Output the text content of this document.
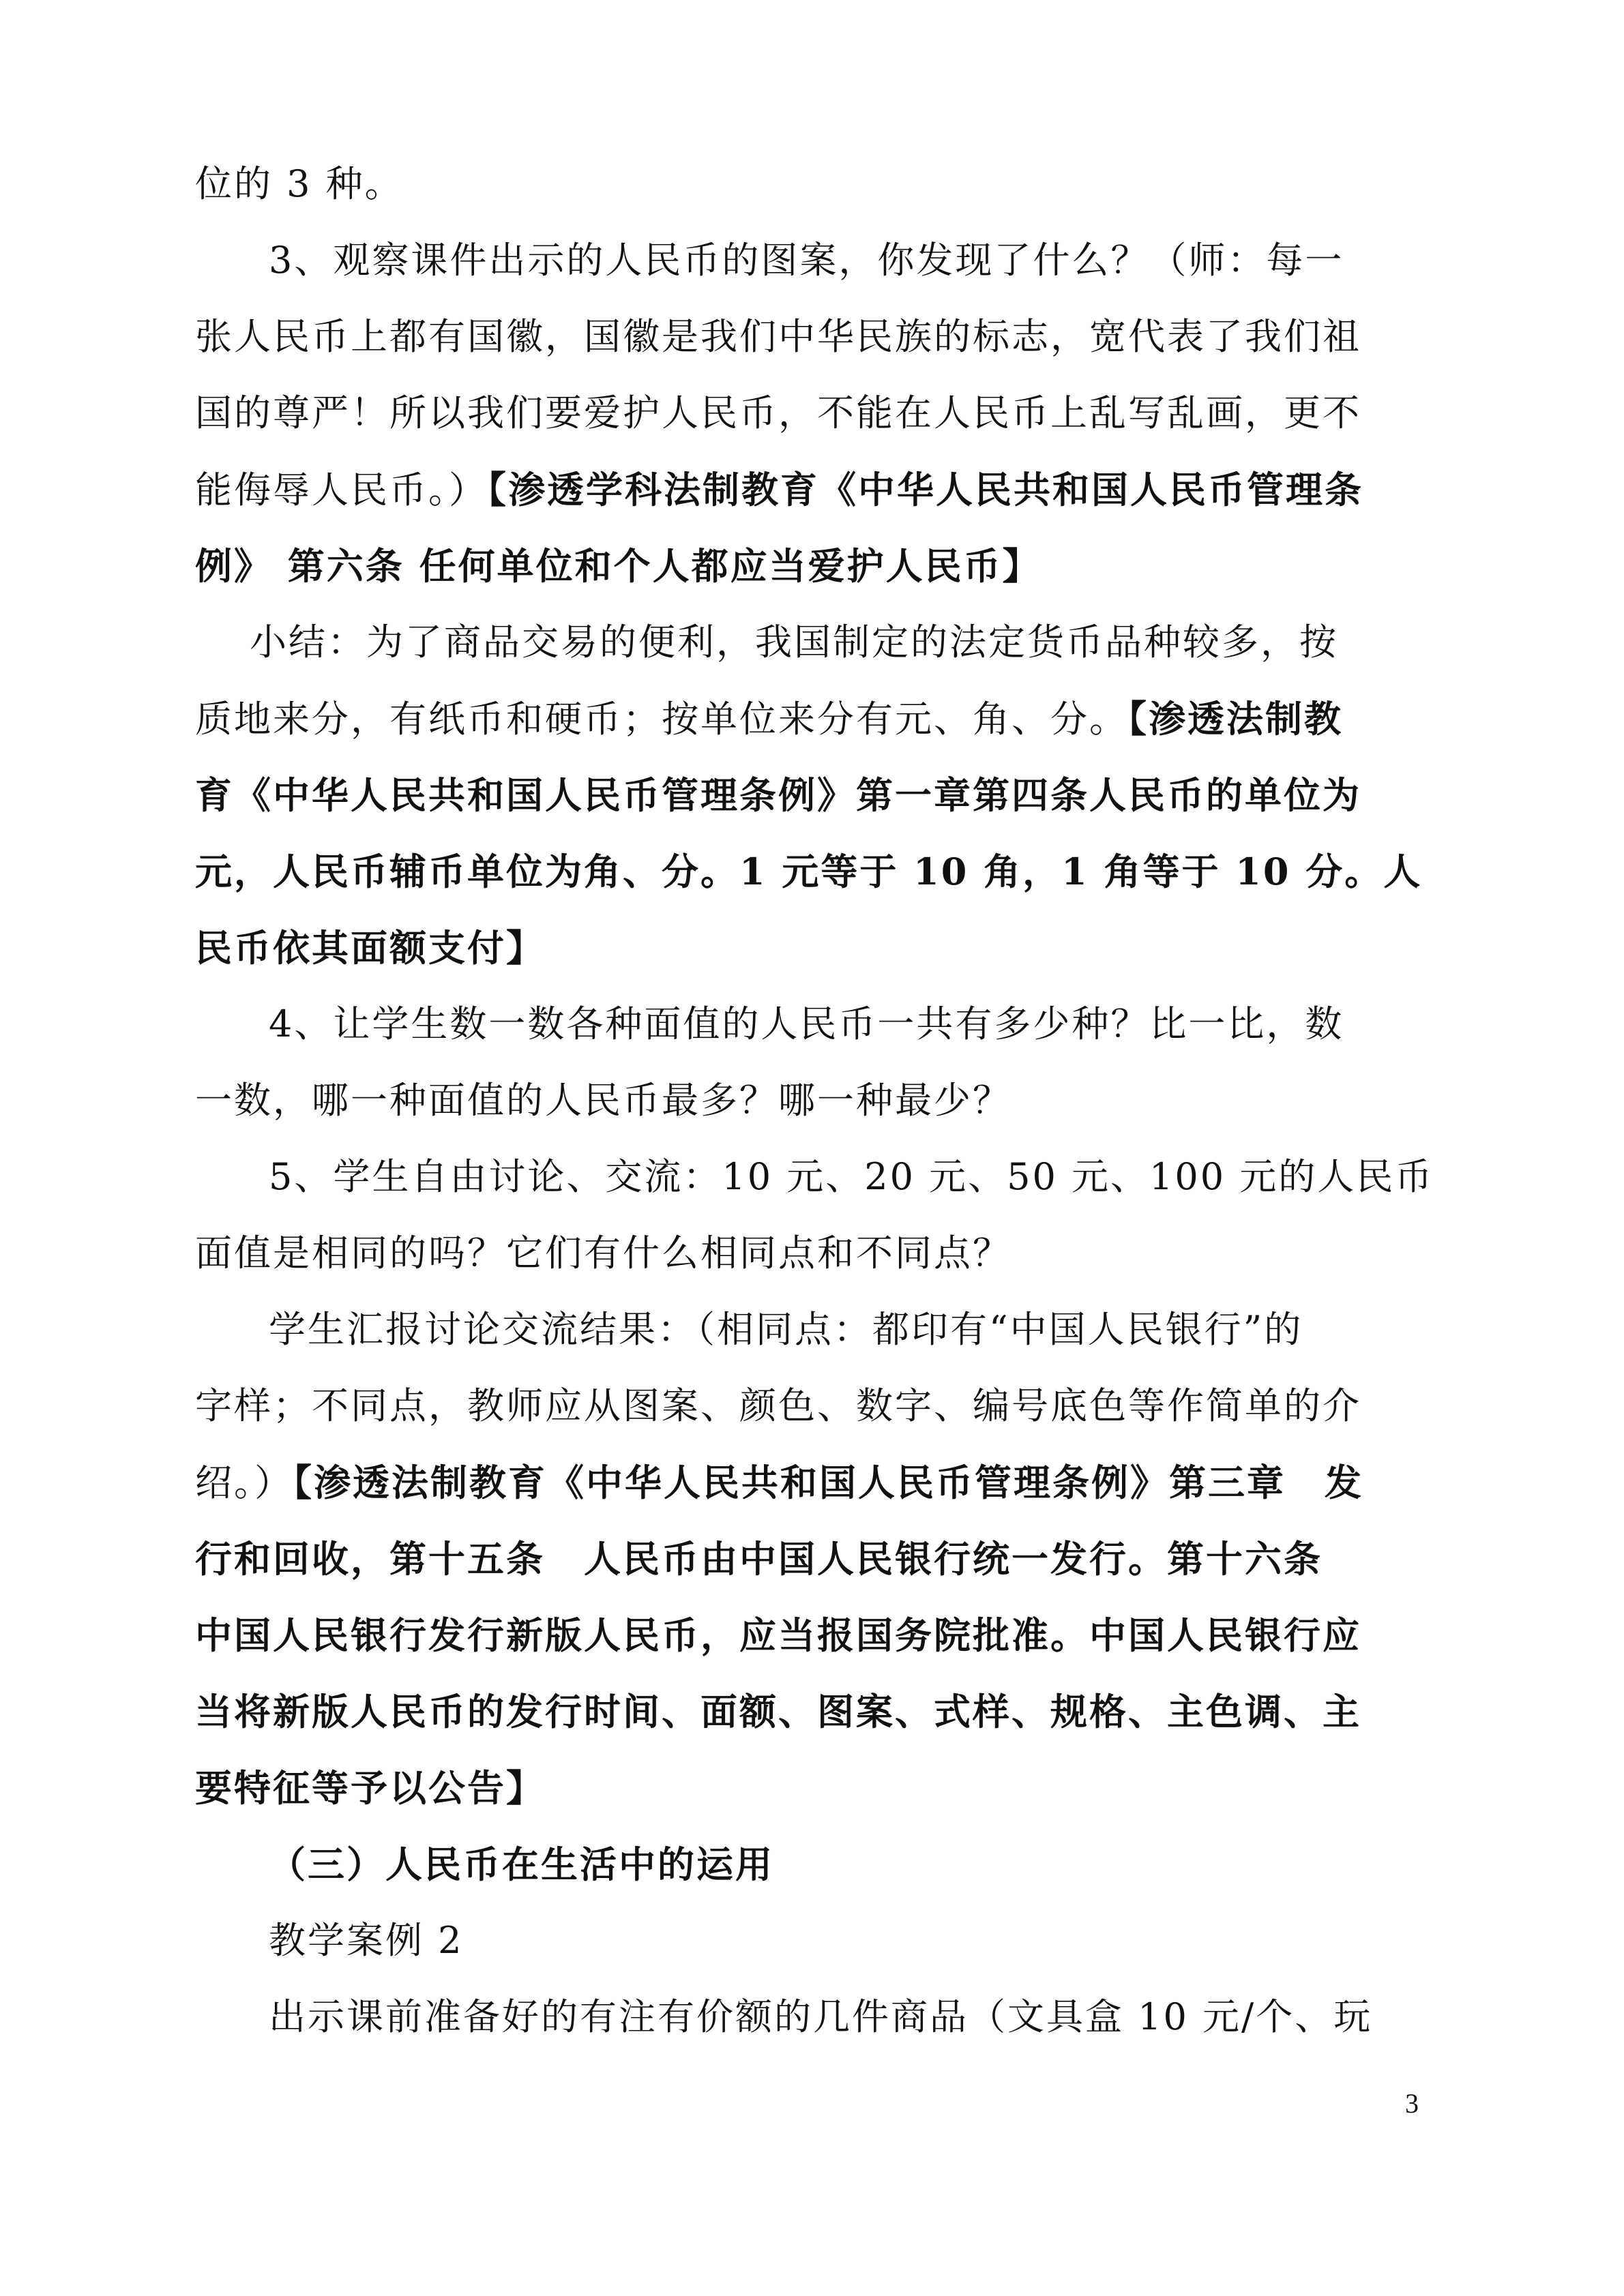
位的 3 种。
3、观察课件出示的人民币的图案，你发现了什么？（师：每一
张人民币上都有国徽，国徽是我们中华民族的标志，宽代表了我们祖
国的尊严！所以我们要爱护人民币，不能在人民币上乱写乱画，更不
能侮辱人民币。）【渗透学科法制教育《中华人民共和国人民币管理条
例》 第六条 任何单位和个人都应当爱护人民币】
小结：为了商品交易的便利，我国制定的法定货币品种较多，按
质地来分，有纸币和硬币；按单位来分有元、角、分。【渗透法制教
育《中华人民共和国人民币管理条例》第一章第四条人民币的单位为
元，人民币辅币单位为角、分。1 元等于 10 角，1 角等于 10 分。人
民币依其面额支付】
4、让学生数一数各种面值的人民币一共有多少种？比一比，数
一数，哪一种面值的人民币最多？哪一种最少？
5、学生自由讨论、交流：10 元、20 元、50 元、100 元的人民币
面值是相同的吗？它们有什么相同点和不同点？
学生汇报讨论交流结果：（相同点：都印有“中国人民银行”的
字样；不同点，教师应从图案、颜色、数字、编号底色等作简单的介
绍。）【渗透法制教育《中华人民共和国人民币管理条例》第三章　发
行和回收，第十五条　人民币由中国人民银行统一发行。第十六条
中国人民银行发行新版人民币，应当报国务院批准。中国人民银行应
当将新版人民币的发行时间、面额、图案、式样、规格、主色调、主
要特征等予以公告】
（三）人民币在生活中的运用
教学案例 2
出示课前准备好的有注有价额的几件商品（文具盒 10 元/个、玩
3
